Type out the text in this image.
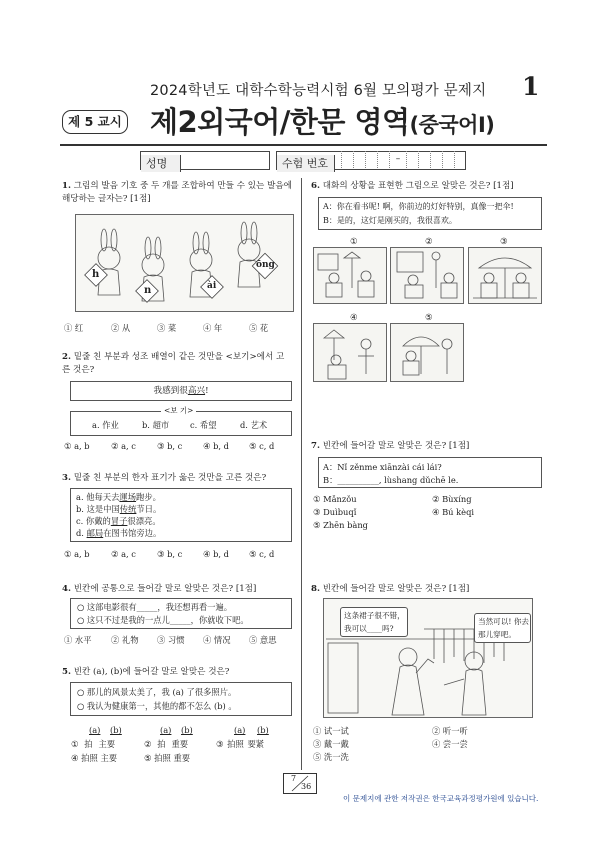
2024학년도 대학수학능력시험 6월 모의평가 문제지 1
제 5 교시 제2외국어/한문 영역(중국어Ⅰ)
성명	수험 번호	–
1. 그림의 발음 기호 중 두 개를 조합하여 만들 수 있는 발음에 해당하는 글자는? [1점]
h
n	ài
ōng
① 红	② 从	③ 菜	④ 年	⑤ 花
2. 밑줄 친 부분과 성조 배열이 같은 것만을 <보기>에서 고른 것은?
我感到很高兴!
<보 기>
a. 作业	b. 超市	c. 希望	d. 艺术
① a, b	② a, c	③ b, c ④ b, d ⑤ c, d
3. 밑줄 친 부분의 한자 표기가 옳은 것만을 고른 것은?
a. 他每天去運场跑步。
b. 这是中国传统节日。
c. 你戴的冒子很漂亮。
d. 邮局在图书馆旁边。
① a, b	② a, c	③ b, c ④ b, d ⑤ c, d
4. 빈칸에 공통으로 들어갈 말로 알맞은 것은? [1점]
○ 这部电影很有_____，我还想再看一遍。
○ 这只不过是我的一点儿_____，你就收下吧。
① 水平 ② 礼物 ③ 习惯 ④ 情况 ⑤ 意思
5. 빈칸 (a), (b)에 들어갈 말로 알맞은 것은?
○ 那儿的风景太美了，我 (a) 了很多照片。
○ 我认为健康第一，其他的都不怎么 (b) 。
(a) (b)	(a) (b)	(a) (b)
① 拍 主要	② 拍 重要	③ 拍照 要紧
④ 拍照 主要	⑤ 拍照 重要
6. 대화의 상황을 표현한 그림으로 알맞은 것은? [1점]
A：你在看书呢! 啊，你前边的灯好特别，真像一把伞!
B：是的，这灯是刚买的，我很喜欢。
①	②	③
④	⑤
7. 빈칸에 들어갈 말로 알맞은 것은? [1점]
A：Nǐ zěnme xiānzài cái lái?
B：__________, lùshang dǔchē le.
① Mǎnzǒu	② Bùxíng
③ Duìbuqǐ	④ Bú kèqi
⑤ Zhēn bàng
8. 빈칸에 들어갈 말로 알맞은 것은? [1점]
这条裙子很不错，
我可以____吗?
当然可以! 你去
那儿穿吧。
① 试一试	② 听一听
③ 戴一戴	④ 尝一尝
⑤ 洗一洗
7
36
이 문제지에 관한 저작권은 한국교육과정평가원에 있습니다.
